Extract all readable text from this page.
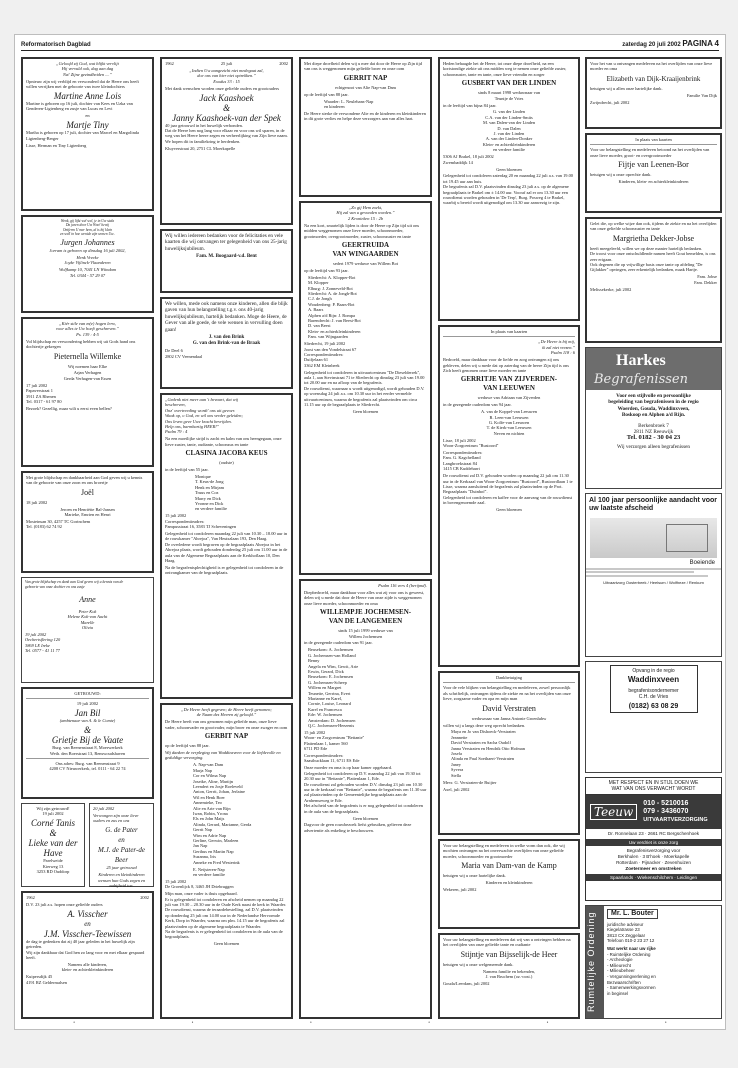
Reformatorisch Dagblad	zaterdag 20 juli 2002 PAGINA 4

„Geloofd zij God, wat blijkt vervlijt
Hij vervuld ook, dag aan dag
Na! Zijne gezindheiden ....”

Opnieuw zijn wij verblijd en verwonderd dat de Heere ons heeft willen verrijken met de geboorte van twee kleindochters

Martine Anne Lois

Martine is geboren op 16 juli, dochter van Kees en Uzka van Genderen-Ligtenberg en zusje van Lucas en Levi

en

Martje Tiny

Martha is geboren op 17 juli, dochter van Marcel en Margolinda Ligtenberg-Berger

Lisse, Herman en Tiny Ligtenberg

Wenk, gij lijkt wel wel, je in Uw stala
Da jaren door Uw Woo! bewij
Ontferm U mer hem, al is hij klein
en well in hoe wenide zijn wonen Uw..

Jurgen Johannes

Jorram is geboren op dinsdag 16 juli 2002,

Henk Vreeke
Joyke Vijlinck-Vlaanderen

Wolfkamp 10, 7041 LN Wiindam
Tel. 0344 - 57 29 07

„Kiér stile van m(e) hogen lerw,
voor alles te Uw hoeft geschreven.”
Ps. 139 : 4-5

Vol blijdschap en verwondering hebben wij uit Gods hand ons dochtertje gekregen

Pieternella Willemke

Wij noemen haar Elke

Arjan Verhagen
Gerda Verhagen-van Essen

17 juli 2002
Papaverstraat 1
3911 ZA Rhenen
Tel. 0317 - 61 97 80

Bezoek? Gezellig, maar wilt u eerst even bellen?

Met grote blijdschap en dankbaarheid aan God geven wij u kennis van de geboorte van onze zoon en ons broertje

Joël

18 juli 2002

Jeroen en Henriëtte Bal-Jansen
Marieke, Emrien en Henri

Mosteinsan 30, 4257 TC Gorinchem
Tel. (0183) 62 74 92

Van grote blijdschap en dank aan God geven wij u kennis van de
geboorte van onze dochter en ons zusje

Anne

Peter Kok
Helene Kok-van Aacht
Marelle
Olivia

19 juli 2002
Oechertsflering 120
3869 LE Ireke
Tel. 0577 - 41 11 77

GETROUWD:

19 juli 2002

Jan Bil

(ambtenaar van A. & le Comte)

&
Grietje Bij de Vaate

Burg. van Reenenstraat 8, Moerwerkerk
Weth. den Boerstraat 13, Renswoudshaven

Ons adres: Burg. van Reenenstraat 9
4208 CV Nieuwerkerk, tel. 0111 - 64 22 74

Wij zijn getrouwd!
19 juli 2002

Corné Tanis
&
Lieke van der Have

Parelweide
Kierweg 13
3253 RD Ouddorp

20 juli 2002

Verwongen zijn onze lieve ouders en zus en ons

G. de Pater
en
M.J. de Pater-de Beer

25 jaar getrouwd

Kinderen en kleinkinderen
wensen hun Gods zegen en
nabijheid toe.

1962	2002

D.V. 23 juli a.s. hopen onze geliefde ouders

A. Visscher
en
J.M. Visscher-Teewissen

de dag te gedenken dat zij 40 jaar geleden in het huwelijk zijn getreden.
Wij zijn dankbaar dat God hen zo lang voor en met elkaar gespaard heeft.

Namens alle kinderen,
klein- en achterkleinkinderen

Kuipersdijk 45
4191 RZ Geldermalsen

1962	25 juli	2002

„Indien Uw aangezicht niet medegaat zal,
doe ons van hier niet optrekken.”
Exodus 33 : 15

Met dank wenschen worden onze geliefde ouders en grootouders

Jack Kaashoek
&
Janny Kaashoek-van der Spek

40 jaar getrouwd in het huwelijk verbonden.
Dat de Heere hen nog lang voor elkaar en voor ons wil sparen, in de weg van het Heere heere zegen en verheerlijking van Zijn lieve naam.
We hopen dit in familiekring te herdenken.

Kluyverstraat 20, 2751 CL Moerkapelle

Wij willen iedereen bedanken voor de felicitaties en vele kaarten die wij ontvangen ter gelegenheid van ons 25-jarig huwelijksjubileum.

Fam. M. Boogaard-v.d. Bent

We willen, mede ook namens onze kinderen, allen die blijk gaven van hun belangstelling t.g.v. ons 40-jarig huwelijksjubileum, hartelijk bedanken. Moge de Heere, de Gever van alle goede, de vele wensen in vervulling doen gaan!

J. van den Brink

G. van den Brink-van de Braak

De Deel 6
2802 CV Veenendaal

„Gedenk niet meer aan 't bevaart, dat wij
beschreven,
Onz' overtreeding wordt' ons uit gevoer.
Waak op, o God, en wil ons verder geleiden;
Ons leven geve Uwe kracht bevrijden.
Help ons, barmhartig HEER!”
Psalm 79 : 4

Na een moeilijke strijd is zacht en kalm van ons heengegaan, onze lieve zuster, tante, oudtante, schoonzus en tante

CLASINA JACOBA KEUS

(oudste)

in de leeftijd van 55 jaar.

Monique
T. Keus-de Jong
Henk en Mirjam
Truus en Coz
Marry en Dick
Yvonne en Dick
en verdere familie

15 juli 2002
Correspondentieadres:
Pampusstraat 16, 3583 TJ Scheveningen

Gelegenheid tot condoleren maandag 22 juli van 10.30 – 18.00 uur in de rouwkamer "Ahrejoa", Van Heutszlaan 193, Den Haag.
De overledene wordt begraven op de begraafplaats Ahrejoa in het Ahrejoa plaats, wordt gehouden donderdag 25 juli om 11.00 uur in de aula van de Algemene Begraafplaats aan de Kerkhoflaan 10, Den Haag.

Na de begrafenisplechtigheid is er gelegenheid tot condoleren in de ontvangkamer van de begraafplaats.

„De Heere heeft gegeven; de Heere heeft genomen;
de Naam des Heeren zij geloofd.”

De Heere heeft van ons genomen mijn geliefde man, onze lieve vader, schoonvader en grootvader, mijn broer en onze zwager en oom

GERBIT NAP

op de leeftijd van 88 jaar.

Wij danken de verpleging van Waddinxveen voor de liefdevolle en geduldige verzorging.

A. Nap-van Dam
Marja Nap
Cor en Wilma Nap
Joseike, Aline, Martijn
Leendert en Josje Roeleveld
Anton, Gerrit, Johan, Jerlaine
Wil en Henk Boer
Annemieke, Teo
Alie en Arie van Rijn
Iwan, Robin, Yrona
Els en John Maijs
Alinda, Gerard, Marianne, Gerda
Gerrit Nap
Wim en Adrie Nap
Gerline, Gerwin, Marleen
Jan Nap
Gerthus en Martin Nap
Suzanna, Iris
Anneke en Fred Westerink

E. Neijsteren-Nap
en verdere familie

15 juli 2002
De Groenlijck 8, 3465 JH Driebruggen

Mijn man, onze vader is thuis opgebaard.
Er is gelegenheid tot condoleren en afscheid nemen op maandag 22 juli van 19.30 – 20.30 uur in de Oude Kerk naast de kerk in Waarder.
De rouwdienst, waarna de teraardebestelling, zal D.V. plaatsvinden op donderdag 25 juli om 14.00 uur in de Nederlandse Hervormde Kerk, Dorp in Waarder, waarna om plm. 14.15 uur de begrafenis zal plaatsvinden op de algemene begraafplaats te Waarder.
Na de begrafenis is er gelegenheid tot condoleren in de aula van de begraafplaats.

Geen bloemen

Met diepe droefheid delen wij u mee dat door de Heere op Zijn tijd van ons is weggenomen mijn geliefde broer en onze oom

GERRIT NAP

echtgenoot van Alie Nap-van Dam

op de leeftijd van 88 jaar.

Waarder: L. Neulehans-Nap
en kinderen

De Heere sterke de verwondene Alie en de kinderen en kleinkinderen in dit grote verlies en helpe deze verzorgers aan van alles hart.

„Zo gij Hem zoekt,
Hij zal van u gevonden worden.”
2 Kronieken 15 : 2b

Na een kort, smartelijk lijden is door de Heere op Zijn tijd uit ons midden weggenomen onze lieve moeder, schoonmoeder, grootmoeder, overgrootmoeder, zuster, schoonzuster en tante

GEERTRUIDA
VAN WINGAARDEN

sedert 1979 weduwe van Willem Bot

op de leeftijd van 93 jaar.

Sliedrecht: A. Klopper-Bot
M. Klopper
Elburg: J. Zonneveld-Bot
Sliedrecht: A. de Jongh-Bot
C.J. de Jongh
Woudenberg: P. Baars-Bot
A. Baars
Alphen a/d Rijn: J. Rompa
Barendrecht: J. van Beest-Bot
D. van Beest
Klein- en achterkleinkinderen
Fam. van Wijngaarden

Sliedrecht, 19 juli 2002
Joost van den Vondelstraat 67
Correspondentieadres:
Duifjelaan 61
3362 EM Kleinbeek

Gelegenheid tot condoleren in uitvaartcentrum "De Dieselderrek", aula 1, aan Stevinstraat 71 te Sliedrecht op dinsdag 23 juli van 19.00 tot 20.00 uur en na afloop van de begrafenis.
De rouwdienst, waarnaar u wordt uitgenodigd, wordt gehouden D.V. op woensdag 24 juli a.s. om 10.30 uur in het eerder vermelde uitvaartcentrum, waarna de begrafenis zal plaatsvinden om circa 11.15 uur op de begraafplaats te Sliedrecht.

Geen bloemen

Psalm 116 vers 4 (berijmd).

Diepbedroefd, maar dankbaar voor alles wat zij voor ons is geweest, delen wij u mede dat door de Heere van onze zijde is weggenomen onze lieve moeder, schoonmoeder en oma

WILLEMPJE JOCHEMSEN-
VAN DE LANGEMEEN

sinds 15 juli 1999 weduwe van
Willem Jochemsen

in de gezegende ouderdom van 91 jaar.

Beusekom: A. Jochemsen
G. Jochemsen-van Holland
Benny
Angela en Wim, Gewit, Arie
Erwin, Gerard, Dick
Beusekom: E. Jochemsen
G. Jochemsen-Scheep
Willem en Margret
Teunette, Gerrina, Evert
Marianne en Karel,
Cornie, Louise, Leonard
Karel en Francesca
Ede: W. Jochemsen
Amsterdam: D. Jochemsen
Q.C. Jochemsen-Heezenis

15 juli 2002
Woon- en Zorgcentrum "Bettanie"
Plattenlaan 1, kamer 560
6711 PD Ede

Correspondentieadres:
Saasthucklaan 11, 6711 ES Ede

Onze moeder en oma is op haar kamer opgebaard.
Gelegenheid tot condoleren op D.V. maandag 22 juli van 19.30 tot 20.30 uur in "Bettanie", Plattenlaan 1, Ede.
De rouwdienst zal gehouden worden D.V. dinsdag 23 juli om 10.30 uur in de kerkzaal van "Bettanie", waarna de begrafenis om 11.30 uur zal plaatsvinden op de Gemeentelijke begraafplaats aan de Arnhemseweg te Ede.
Het afscheid van de begrafenis is er nog gelegenheid tot condoleren in de aula van de begraafplaats.

Geen bloemen

Dagvoor de geen rouwbezoek liefst gebruiken, gelieven deze advertentie als enkeling te beschouwen.

Heden behaagde het de Heere, tot onze diepe droefheid, na een kortstondige ziekte uit ons midden weg te nemen onze geliefde zuster, schoonzuster, tante en tante, onze lieve vriendin en zorger

GUSBERT VAN DER LINDEN

sinds 8 maart 1998 weduwnaar van
Teuntje de Vries

in de leeftijd van bijna 84 jaar.

G. van der Linden
C.A. van der Linden-Smits
M. van Dalen-van der Linden
D. van Dalen
J. van der Linden
A. van der Linden-Donker
Klein- en achterkleinkinderen
en verdere familie

5306 AJ Brakel, 18 juli 2002
Zwembaddijk 14

Geen bloemen

Gelegenheid tot condoleren zaterdag 20 en maandag 22 juli a.s. van 19.00 tot 19.45 uur aan huis.
De begrafenis zal D.V. plaatsvinden dinsdag 23 juli a.s. op de algemene begraafplaats te Brakel om ± 14.00 uur. Vooraf zal er om 13.30 uur een rouwdienst worden gehouden in 'De Terp', Burg. Posweg 4 te Brakel, waarbij u bereid wordt uitgenodigd om 13.30 uur aanwezig te zijn.

In plaats van kaarten

„De Heere is bij mij,
ik zal niet vrezen.”
Psalm 118 : 6

Bedroefd, maar dankbaar voor de liefde en zorg ontvangen zij ons gebleven, delen wij u mede dat op zaterdag van de heere Zijn tijd is ons Zich heeft genomen onze lieve moeder en tante

GERRITJE VAN ZIJVERDEN-
VAN LEEUWEN

weduwe van Adriaan van Zijverden

in de gezegende ouderdom van 94 jaar.

A. van de Koppel-van Leeuwen
R. Leen-van Leeuwen
G. Kolfe-van Leeuwen
T. de Kierk-van Leeuwen
Neven en nichten

Lisse, 18 juli 2002
Woon-Zorgcentrum "Rustoord"

Correspondentieadres:
Fam. G. Kagchelland
Langbroekstraat 84
1415 CB Kuddeharrt

De rouwdienst zal D.V. gehouden worden op maandag 22 juli om 11.30 uur in de Kerkzaal van Woon-Zorgcentrum "Rustoord", Rustoordlaan 1 te Lisse, waarna aansluitend de begrafenis zal plaatsvinden op de Prot. Begraafplaats "Duinhof".
Gelegenheid tot condoleren en kaffee voor de aanvang van de rouwdienst in bovengenoemde zaal.

Geen bloemen

Dankbetuiging

Voor de vele blijken van belangstelling en medeleven, zowel persoonlijk als schriftelijk, ontvangen tijdens de ziekte en na het overlijden van onze lieve, zorgzame vader en opa en mijn man

David Verstraten

weduwnaar van Janna Antonie Groenlubw

willen wij u langs deze weg oprecht bedanken.

Maya en Jo van Dishoeck-Verstraten
Jeannette
David Verstraten en Sacha Oudolf
Janna Verstraten en Hendrik Otto Hofman
Josefa
Alinda en Paul Soethaert-Verstraten
Janey
Syvera
Stella

Mevr. G. Verstraten-de Buijter

Axel, juli 2002

Voor uw belangstelling en medeleven in welke vorm dan ook, die wij mochten ontvangen na het onverwachte overlijden van onze geliefde moeder, schoonmoeder en grootmoeder

Maria van Dam-van de Kamp

betuigen wij u onze hartelijke dank.

Kinderen en kleinkinderen

Wekeren, juli 2002

Voor uw belangstelling en medeleven dat wij van u ontvingen hebben na het overlijden van onze geliefde tante en oudtante

Stijntje van Bijsselijk-de Heer

betuigen wij u onze welgemeende dank.

Namens familie en bekenden,
J. van Bruchem (oz.-oost.)

Gouda/Leerdam, juli 2002

Voor het van u ontvangen medeleven na het overlijden van onze lieve moeder en oma

Elizabeth van Dijk-Kraaijenbrink

betuigen wij u allen onze hartelijke dank.

Familie Van Dijk

Zwijndrecht, juli 2002

In plaats van kaarten

Voor uw belangstelling en medeleven betoond na het overlijden van onze lieve moeder, groot- en overgrootmoeder

Fijtje van Leenen-Bor

betuigen wij u onze oprechte dank.

Kinderen, klein- en achterkleinkinderen

Gelei die, op welke wijze dan ook, tijdens de ziekte en na het overlijden van onze geliefde schoonzuster en tante

Margrietha Dekker-Jobse

heeft meegeleefd, willen we op deze manier hartelijk bedanken.
De troost voor onze ontschuldlende namen heeft Gout bemelden, is ons zeer erigaan.
Ook degenen die op vrijwillige basis onze tante op afdeling "De Gijlakker" opvingen, zeer erkentelijk bedanken, maak Hartje.

Fam. Jobse
Fam. Dekker

Melissekerke, juli 2002

Harkes
Begrafenissen

Voor een stijlvolle en persoonlijke

begeleiding van begrafenissen in de regio

Woerden, Gouda, Waddinxveen,

Boskoop en Alphen a/d Rijn.

Berkenbroek 7

2811 NZ Reeuwijk

Tel. 0182 - 30 04 23

Wij verzorgen alleen begrafenissen

Al 100 jaar persoonlijke aandacht voor uw laatste afscheid

Boeiende

Uitvaartzorg Oosterbeek / Heelsum / Wolfheze / Renkum

Opvang in de regio

Waddinxveen

begrafenisondernemer

C.H. de Vries

(0182) 63 08 29

MET RESPECT EN IN STIJL DOEN WE
WAT VAN ONS VERWACHT WORDT
Teeuw

010 - 5210016

079 - 3436070

UITVAARTVERZORGING

Dr. Ronnelaan 23 · 2661 RC Bergschenhoek
Uw verdriet is onze zorg

Begrafenisverzorging voor

Berkhulen · 3 B'hoek · Moerkapelle

Rotterdam · Pijnacker · Zevenhuizen

Zoetermeer en omstreken

Spaarlands · Wiekenschilchem · Leidingen
Rumtelijke Ordening	Mr. L. Bouter

juridische adviseur

Kiegelatrasse 23
3813 CX Zeggelaar
Telefoon 010-2 23 27 12

Wat werkt naar uw rijke

- Ruimtelijke Ordening
- Archeologie
- Milieurecht
- Milieubeheer
- Vergunningverlening en
Bezwaarschriften
- Samenwerkingsvormen
in beginsel

•	•	•	•	•	•
